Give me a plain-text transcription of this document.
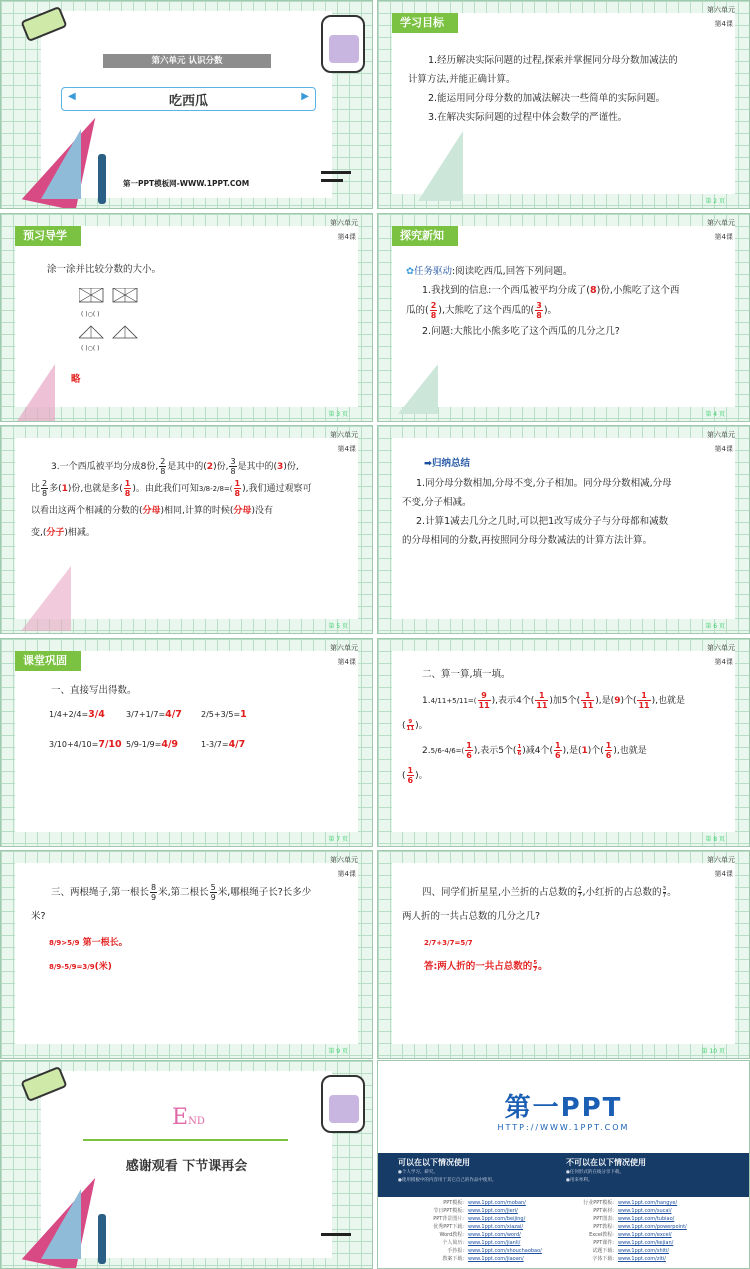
第六单元 认识分数
◀	吃西瓜	▶
第一PPT模板网-WWW.1PPT.COM
学习目标
第六单元
第4课
1.经历解决实际问题的过程,探索并掌握同分母分数加减法的
计算方法,并能正确计算。
2.能运用同分母分数的加减法解决一些简单的实际问题。
3.在解决实际问题的过程中体会数学的严谨性。
第 2 页
预习导学
第六单元
第4课
涂一涂并比较分数的大小。
( )○( )
( )○( )
略
第 3 页
探究新知
第六单元
第4课
✿任务驱动:阅读吃西瓜,回答下列问题。
1.我找到的信息:一个西瓜被平均分成了(8)份,小熊吃了这个西
瓜的( $\frac{2}{8}$ ),大熊吃了这个西瓜的( $\frac{3}{8}$ )。
2.问题:大熊比小熊多吃了这个西瓜的几分之几?
第 4 页
第六单元
第4课
3.一个西瓜被平均分成8份, $\frac{2}{8}$ 是其中的(2)份, $\frac{3}{8}$ 是其中的(3)份,
比 $\frac{2}{8}$ 多(1)份,也就是多( $\frac{1}{8}$ )。由此我们可知$3/8-2/8=( \frac{1}{8}$ ),我们通过观察可
以看出这两个相减的分数的(分母)相同,计算的时候(分母)没有
变,(分子)相减。
第 5 页
第六单元
第4课
➡归纳总结
1.同分母分数相加,分母不变,分子相加。同分母分数相减,分母
不变,分子相减。
2.计算1减去几分之几时,可以把1改写成分子与分母都和减数
的分母相同的分数,再按照同分母分数减法的计算方法计算。
第 6 页
课堂巩固
第六单元
第4课
一、直接写出得数。
第 7 页
1/4+2/4=3/4	3/7+1/7=4/7 2/5+3/5=1
3/10+4/10=7/10 5/9-1/9=4/9	1-3/7=4/7
第六单元
第4课
二、算一算,填一填。
$1.4/11+5/11=( \frac{9}{11}$ ),表示4个( $\frac{1}{11}$ )加5个( $\frac{1}{11}$ ),是(9)个( $\frac{1}{11}$ ),也就是
( $\frac{9}{11}$ )。
$2.5/6-4/6=( \frac{1}{6}$ ),表示5个( $\frac{1}{6}$ )减4个( $\frac{1}{6}$ ),是(1)个( $\frac{1}{6}$ ),也就是
( $\frac{1}{6}$ )。
第 8 页
第六单元
第4课
三、两根绳子,第一根长 $\frac{8}{9}$ 米,第二根长 $\frac{5}{9}$ 米,哪根绳子长?长多少
米?
8/9>5/9 第一根长。
8/9-5/9=3/9(米)
第 9 页
第六单元
第4课
四、同学们折星星,小兰折的占总数的 $\frac{2}{7}$ ,小红折的占总数的 $\frac{3}{7}$ 。
两人折的一共占总数的几分之几?
2/7+3/7=5/7
答:两人折的一共占总数的 $\frac{5}{7}$ 。
第 10 页
END
感谢观看 下节课再会
第一PPT
HTTP://WWW.1PPT.COM
可以在以下情况使用
●个人学习、研究。
●使用模板中的内容用于其它自己的作品中使用。
不可以在以下情况使用
●任何形式的在线分享下载。
●用来牟利。
PPT模板: www.1ppt.com/moban/
节日PPT模板: www.1ppt.com/jieri/
PPT背景图片: www.1ppt.com/beijing/
优秀PPT下载: www.1ppt.com/xiazai/
Word教程: www.1ppt.com/word/
个人简历: www.1ppt.com/jianli/
手抄报: www.1ppt.com/shouchaobao/
教案下载: www.1ppt.com/jiaoan/
行业PPT模板: www.1ppt.com/hangye/
PPT素材: www.1ppt.com/sucai/
PPT图表: www.1ppt.com/tubiao/
PPT教程: www.1ppt.com/powerpoint/
Excel教程: www.1ppt.com/excel/
PPT课件: www.1ppt.com/kejian/
试题下载: www.1ppt.com/shiti/
字体下载: www.1ppt.com/ziti/
